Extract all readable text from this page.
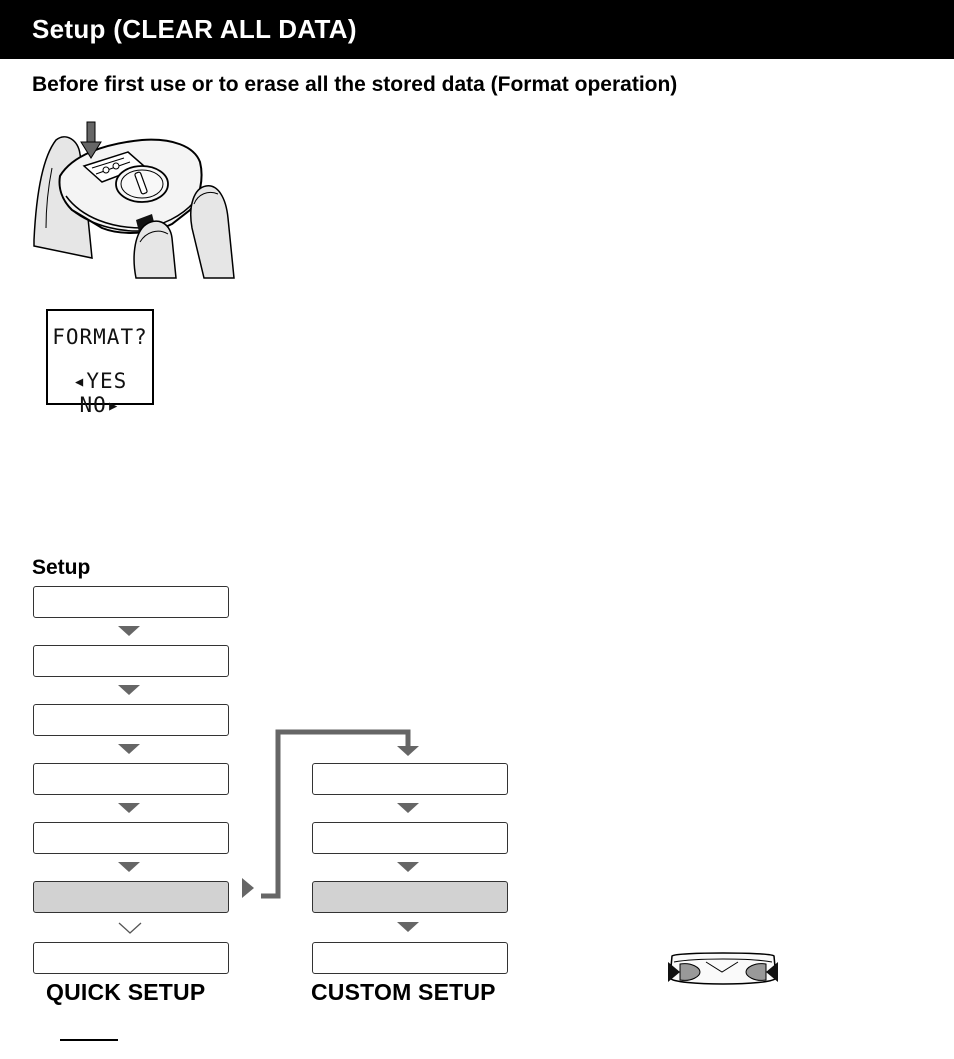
Setup (CLEAR ALL DATA)
Before first use or to erase all the stored data (Format operation)
FORMAT?
◂YES NO▸
Setup
QUICK SETUP	CUSTOM SETUP
